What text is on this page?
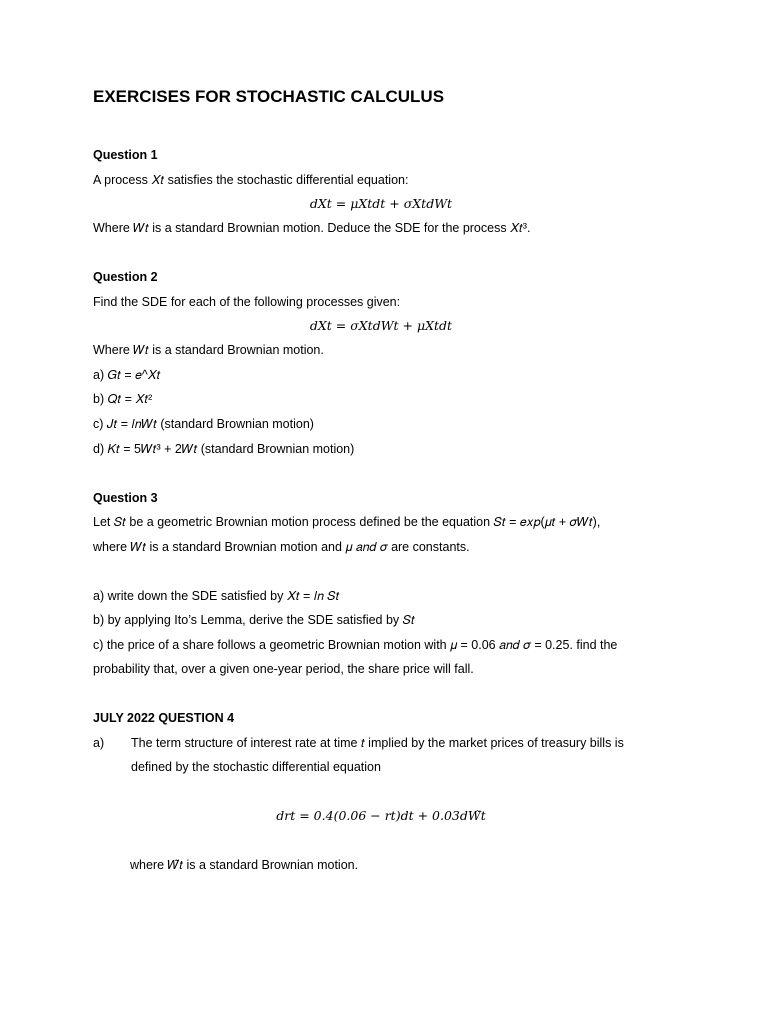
EXERCISES FOR STOCHASTIC CALCULUS
Question 1
A process 𝑋𝑡 satisfies the stochastic differential equation:
𝑑𝑋𝑡 = 𝜇𝑋𝑡𝑑𝑡 + 𝜎𝑋𝑡𝑑𝑊𝑡
Where 𝑊𝑡 is a standard Brownian motion. Deduce the SDE for the process 𝑋𝑡³.
Question 2
Find the SDE for each of the following processes given:
𝑑𝑋𝑡 = 𝜎𝑋𝑡𝑑𝑊𝑡 + 𝜇𝑋𝑡𝑑𝑡
Where 𝑊𝑡 is a standard Brownian motion.
a) 𝐺𝑡 = 𝑒^𝑋𝑡
b) 𝑄𝑡 = 𝑋𝑡²
c) 𝐽𝑡 = 𝑙𝑛𝑊𝑡 (standard Brownian motion)
d) 𝐾𝑡 = 5𝑊𝑡³ + 2𝑊𝑡 (standard Brownian motion)
Question 3
Let 𝑆𝑡 be a geometric Brownian motion process defined be the equation 𝑆𝑡 = 𝑒𝑥𝑝(𝜇𝑡 + 𝜎𝑊𝑡),
where 𝑊𝑡 is a standard Brownian motion and 𝜇 𝑎𝑛𝑑 𝜎 are constants.
a) write down the SDE satisfied by 𝑋𝑡 = 𝑙𝑛 𝑆𝑡
b) by applying Ito’s Lemma, derive the SDE satisfied by 𝑆𝑡
c) the price of a share follows a geometric Brownian motion with 𝜇 = 0.06 𝑎𝑛𝑑 𝜎 = 0.25. find the
probability that, over a given one-year period, the share price will fall.
JULY 2022 QUESTION 4
a) The term structure of interest rate at time 𝑡 implied by the market prices of treasury bills is
defined by the stochastic differential equation
𝑑𝑟𝑡 = 0.4(0.06 − 𝑟𝑡)𝑑𝑡 + 0.03𝑑𝑊̃𝑡
where 𝑊̃𝑡 is a standard Brownian motion.
